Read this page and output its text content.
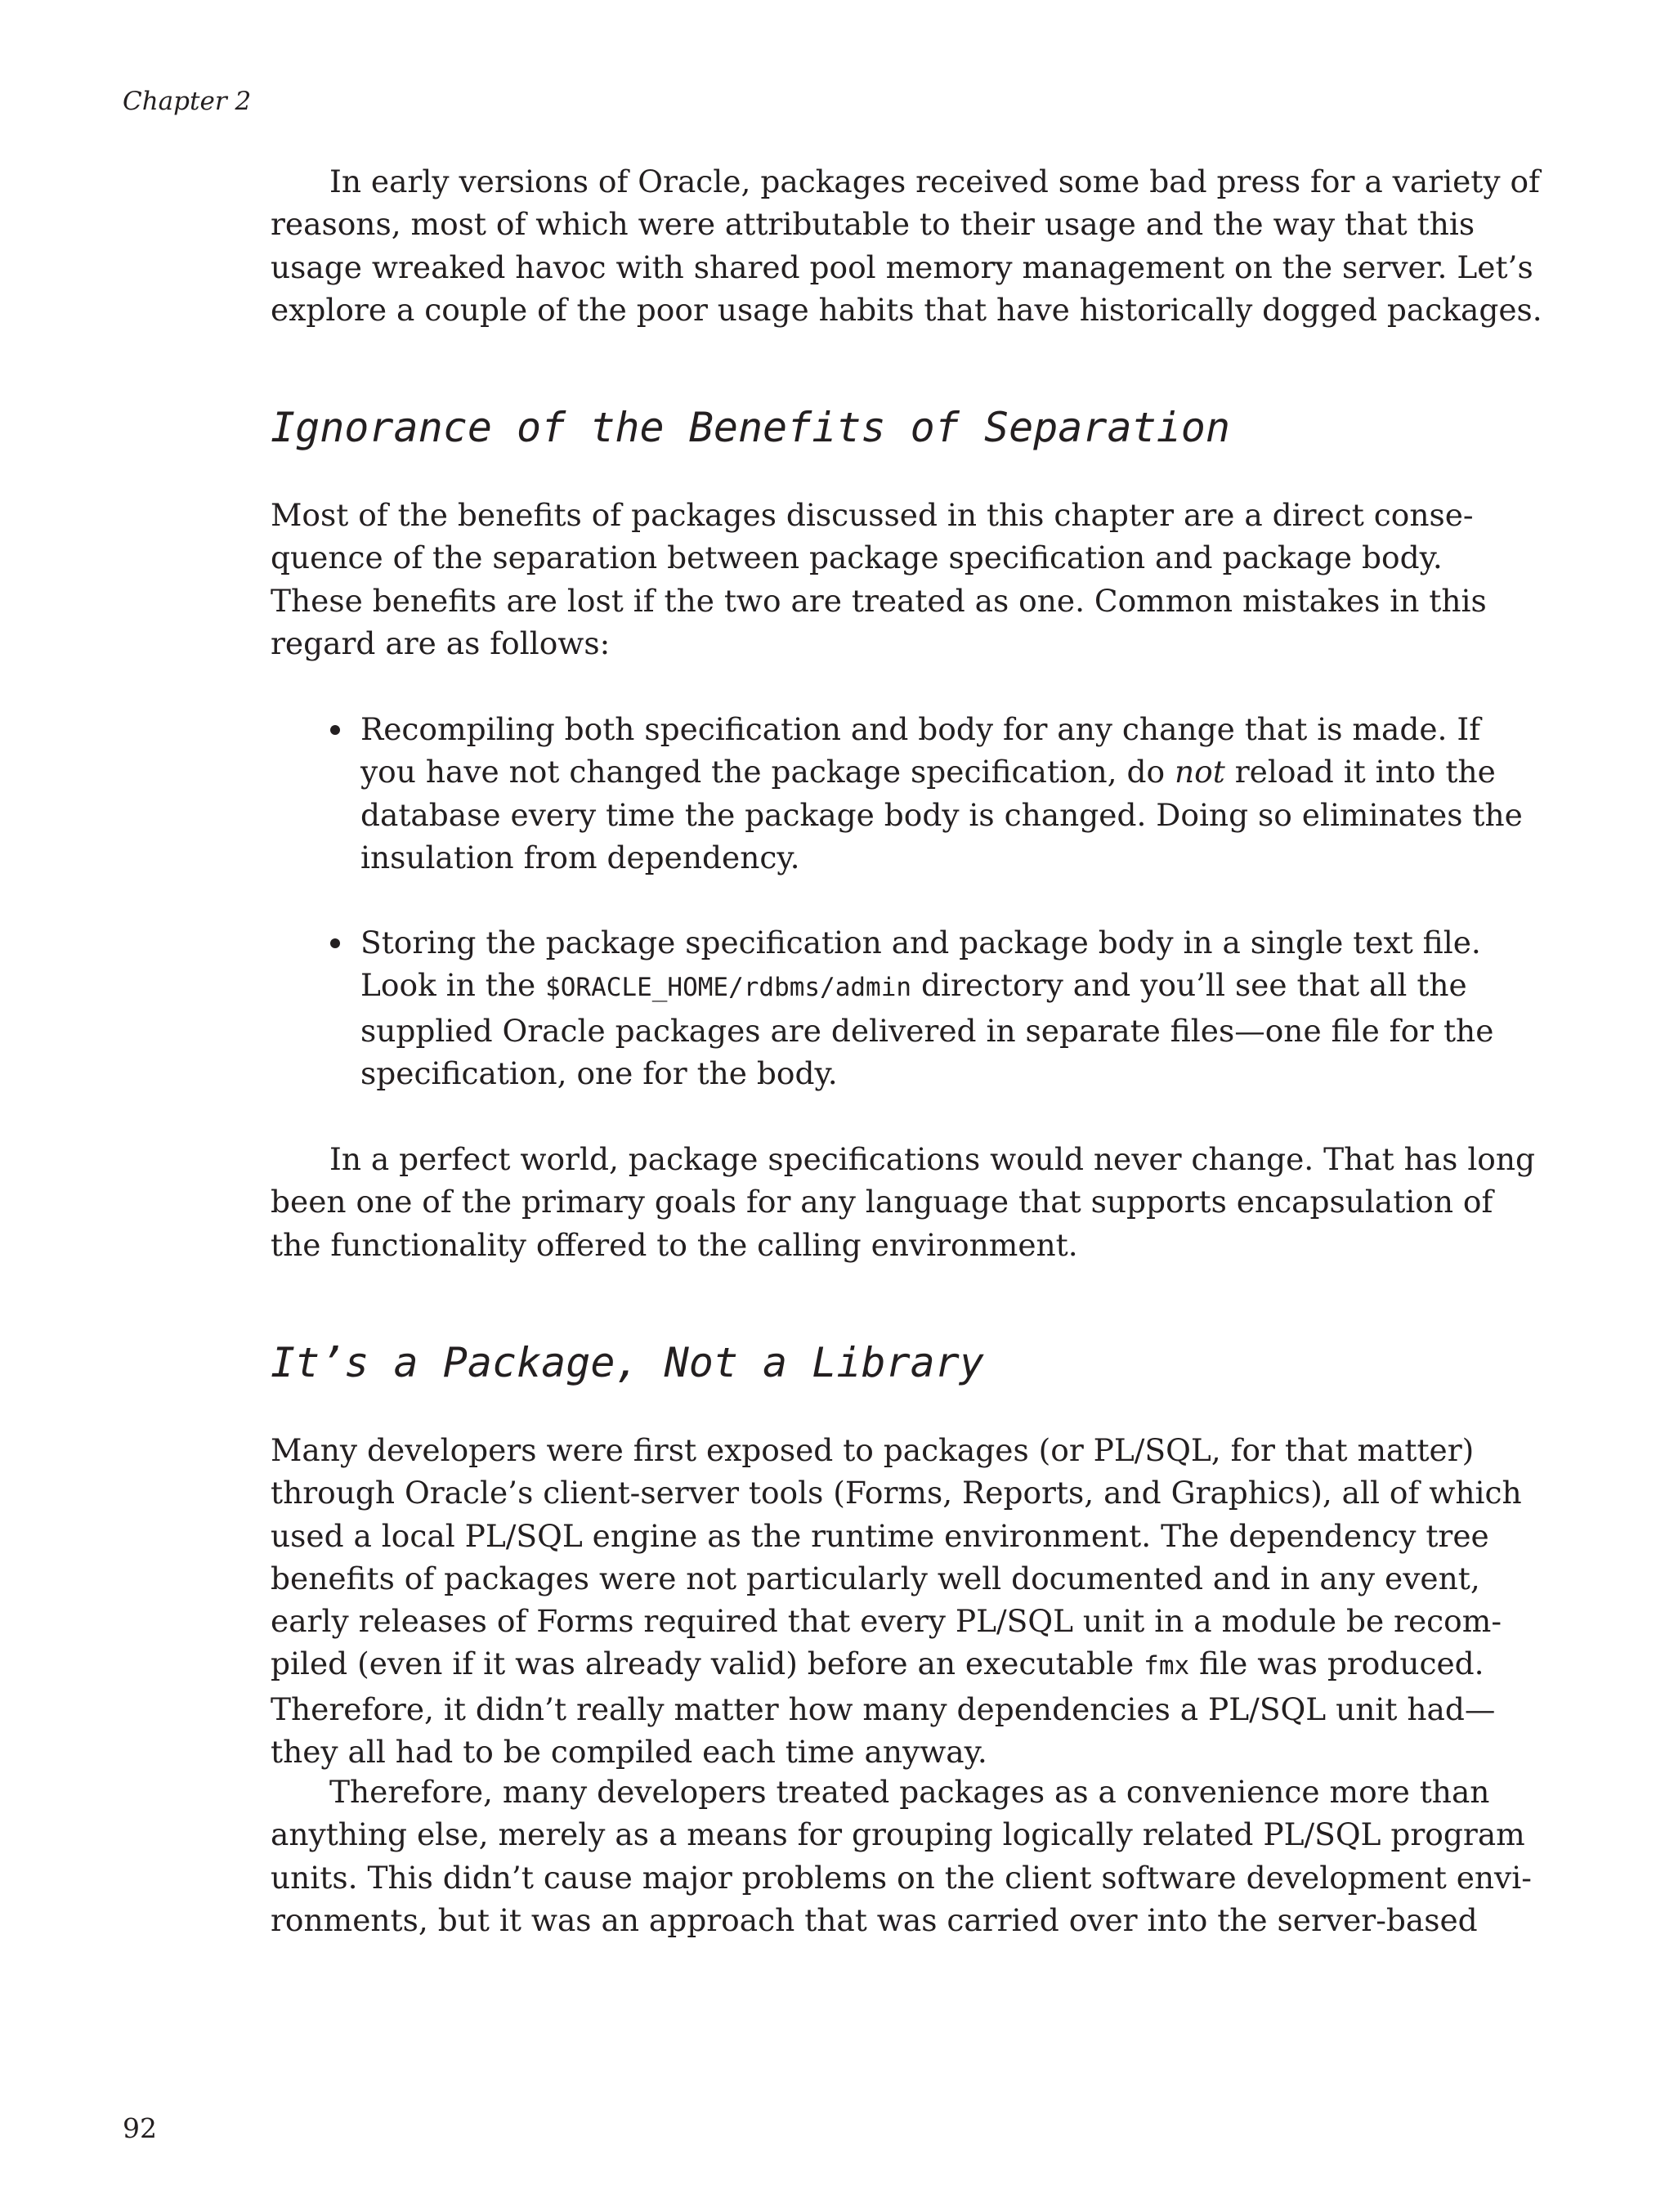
Chapter 2

In early versions of Oracle, packages received some bad press for a variety of
reasons, most of which were attributable to their usage and the way that this
usage wreaked havoc with shared pool memory management on the server. Let’s
explore a couple of the poor usage habits that have historically dogged packages.

Ignorance of the Benefits of Separation

Most of the benefits of packages discussed in this chapter are a direct conse-
quence of the separation between package specification and package body.
These benefits are lost if the two are treated as one. Common mistakes in this
regard are as follows:

Recompiling both specification and body for any change that is made. If
you have not changed the package specification, do not reload it into the
database every time the package body is changed. Doing so eliminates the
insulation from dependency.
Storing the package specification and package body in a single text file.
Look in the $ORACLE_HOME/rdbms/admin directory and you’ll see that all the
supplied Oracle packages are delivered in separate files—one file for the
specification, one for the body.

In a perfect world, package specifications would never change. That has long
been one of the primary goals for any language that supports encapsulation of
the functionality offered to the calling environment.

It’s a Package, Not a Library

Many developers were first exposed to packages (or PL/SQL, for that matter)
through Oracle’s client-server tools (Forms, Reports, and Graphics), all of which
used a local PL/SQL engine as the runtime environment. The dependency tree
benefits of packages were not particularly well documented and in any event,
early releases of Forms required that every PL/SQL unit in a module be recom-
piled (even if it was already valid) before an executable fmx file was produced.
Therefore, it didn’t really matter how many dependencies a PL/SQL unit had—
they all had to be compiled each time anyway.

Therefore, many developers treated packages as a convenience more than
anything else, merely as a means for grouping logically related PL/SQL program
units. This didn’t cause major problems on the client software development envi-
ronments, but it was an approach that was carried over into the server-based

92
